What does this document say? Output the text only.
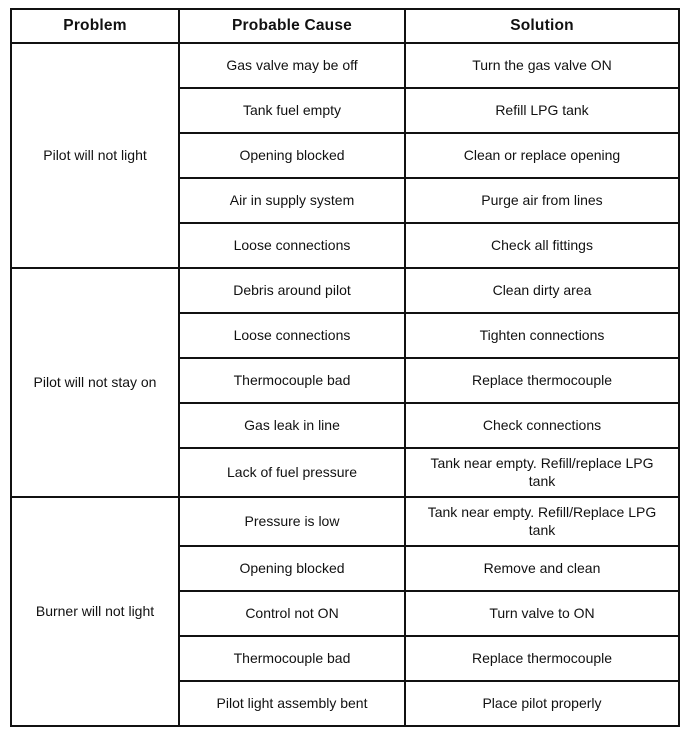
Problem	Probable Cause	Solution
Pilot will not light	Gas valve may be off	Turn the gas valve ON
	Tank fuel empty	Refill LPG tank
	Opening blocked	Clean or replace opening
	Air in supply system	Purge air from lines
	Loose connections	Check all fittings
Pilot will not stay on	Debris around pilot	Clean dirty area
	Loose connections	Tighten connections
	Thermocouple bad	Replace thermocouple
	Gas leak in line	Check connections
	Lack of fuel pressure	Tank near empty. Refill/replace LPG tank
Burner will not light	Pressure is low	Tank near empty. Refill/Replace LPG tank
	Opening blocked	Remove and clean
	Control not ON	Turn valve to ON
	Thermocouple bad	Replace thermocouple
	Pilot light assembly bent	Place pilot properly
